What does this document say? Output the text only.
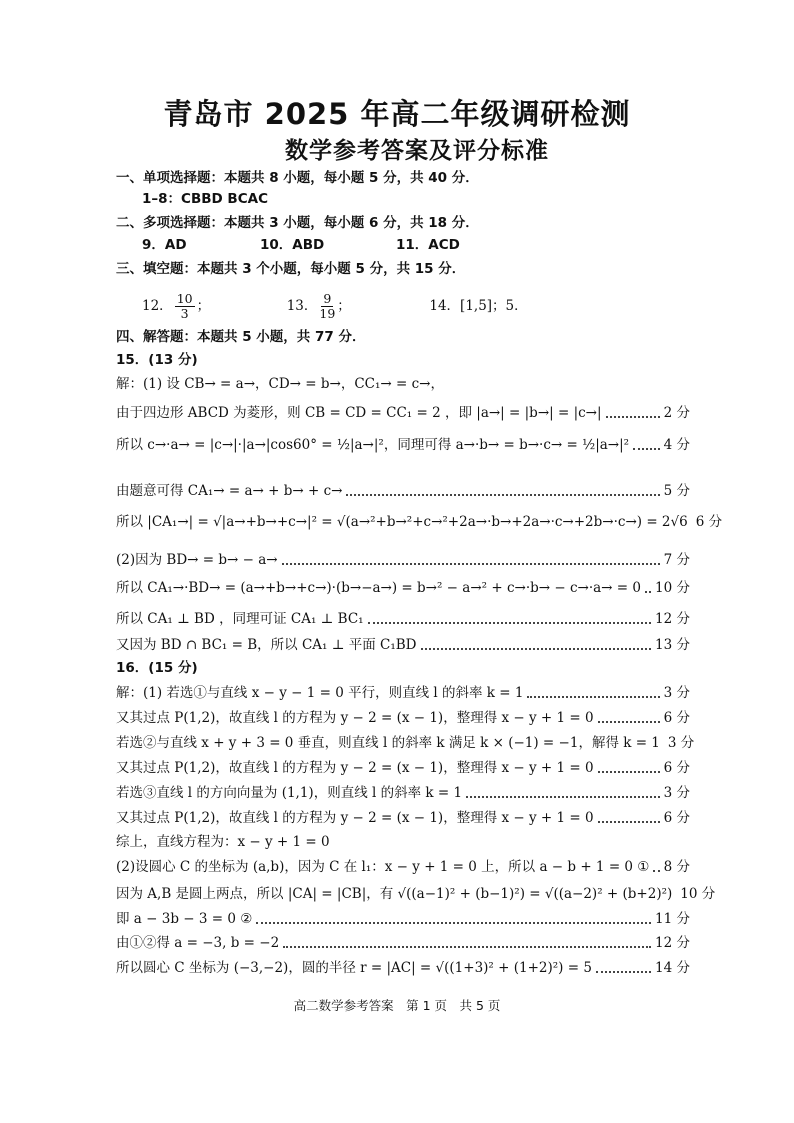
青岛市 2025 年高二年级调研检测
数学参考答案及评分标准
一、单项选择题：本题共 8 小题，每小题 5 分，共 40 分．
1–8：CBBD BCAC
二、多项选择题：本题共 3 小题，每小题 6 分，共 18 分．
9．AD	10．ABD	11．ACD
三、填空题：本题共 3 个小题，每小题 5 分，共 15 分．
12． $\frac{10}{3}$ ；	13． $\frac{9}{19}$ ；	14．[1,5]；5．
四、解答题：本题共 5 小题，共 77 分．
15．(13 分)
解：(1) 设 CB→ = a→，CD→ = b→，CC₁→ = c→，
由于四边形 ABCD 为菱形，则 CB = CD = CC₁ = 2 ，即 |a→| = |b→| = |c→|	2 分
所以 c→·a→ = |c→|·|a→|cos60° = ½|a→|²，同理可得 a→·b→ = b→·c→ = ½|a→|²	4 分
由题意可得 CA₁→ = a→ + b→ + c→	5 分
所以 |CA₁→| = √|a→+b→+c→|² = √(a→²+b→²+c→²+2a→·b→+2a→·c→+2b→·c→) = 2√6 6 分
(2)因为 BD→ = b→ − a→	7 分
所以 CA₁→·BD→ = (a→+b→+c→)·(b→−a→) = b→² − a→² + c→·b→ − c→·a→ = 0 10 分
所以 CA₁ ⊥ BD ，同理可证 CA₁ ⊥ BC₁	12 分
又因为 BD ∩ BC₁ = B，所以 CA₁ ⊥ 平面 C₁BD	13 分
16．(15 分)
解：(1) 若选①与直线 x − y − 1 = 0 平行，则直线 l 的斜率 k = 1	3 分
又其过点 P(1,2)，故直线 l 的方程为 y − 2 = (x − 1)，整理得 x − y + 1 = 0	6 分
若选②与直线 x + y + 3 = 0 垂直，则直线 l 的斜率 k 满足 k × (−1) = −1，解得 k = 1 3 分
又其过点 P(1,2)，故直线 l 的方程为 y − 2 = (x − 1)，整理得 x − y + 1 = 0	6 分
若选③直线 l 的方向向量为 (1,1)，则直线 l 的斜率 k = 1	3 分
又其过点 P(1,2)，故直线 l 的方程为 y − 2 = (x − 1)，整理得 x − y + 1 = 0	6 分
综上，直线方程为：x − y + 1 = 0
(2)设圆心 C 的坐标为 (a,b)，因为 C 在 l₁：x − y + 1 = 0 上，所以 a − b + 1 = 0 ① 8 分
因为 A,B 是圆上两点，所以 |CA| = |CB|，有 √((a−1)² + (b−1)²) = √((a−2)² + (b+2)²) 10 分
即 a − 3b − 3 = 0 ②	11 分
由①②得 a = −3, b = −2	12 分
所以圆心 C 坐标为 (−3,−2)，圆的半径 r = |AC| = √((1+3)² + (1+2)²) = 5	14 分
高二数学参考答案　第 1 页　共 5 页
